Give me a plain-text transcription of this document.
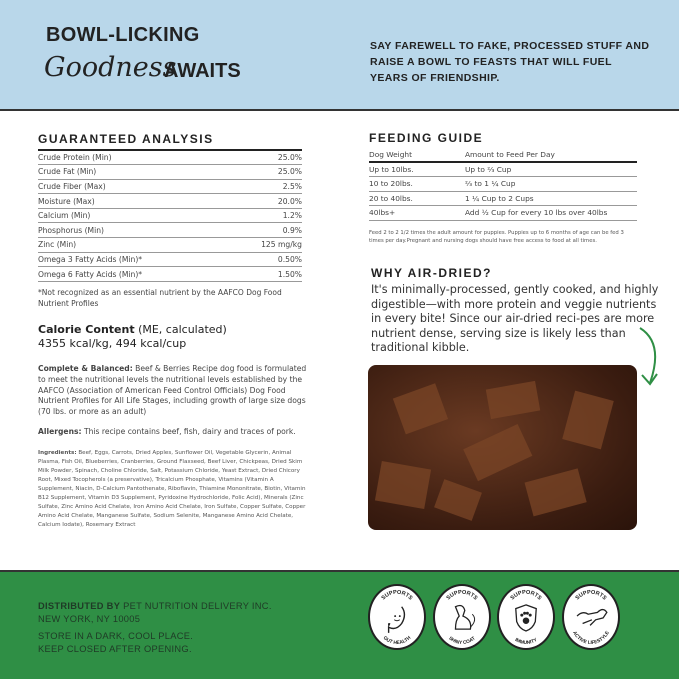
BOWL-LICKING
Goodness
AWAITS
SAY FAREWELL TO FAKE, PROCESSED STUFF AND RAISE A BOWL TO FEASTS THAT WILL FUEL YEARS OF FRIENDSHIP.
GUARANTEED ANALYSIS
Crude Protein (Min)	25.0%
Crude Fat (Min)	25.0%
Crude Fiber (Max)	2.5%
Moisture (Max)	20.0%
Calcium (Min)	1.2%
Phosphorus (Min)	0.9%
Zinc (Min)	125 mg/kg
Omega 3 Fatty Acids (Min)*	0.50%
Omega 6 Fatty Acids (Min)*	1.50%
*Not recognized as an essential nutrient by the AAFCO Dog Food Nutrient Profiles
Calorie Content (ME, calculated)
4355 kcal/kg, 494 kcal/cup
Complete & Balanced: Beef & Berries Recipe dog food is formulated to meet the nutritional levels the nutritional levels established by the AAFCO (Association of American Feed Control Officials) Dog Food Nutrient Profiles for All Life Stages, including growth of large size dogs (70 lbs. or more as an adult)
Allergens: This recipe contains beef, fish, dairy and traces of pork.
Ingredients: Beef, Eggs, Carrots, Dried Apples, Sunflower Oil, Vegetable Glycerin, Animal Plasma, Fish Oil, Blueberries, Cranberries, Ground Flaxseed, Beef Liver, Chickpeas, Dried Skim Milk Powder, Spinach, Choline Chloride, Salt, Potassium Chloride, Yeast Extract, Dried Chicory Root, Mixed Tocopherols (a preservative), Tricalcium Phosphate, Vitamins (Vitamin A Supplement, Niacin, D-Calcium Pantothenate, Riboflavin, Thiamine Mononitrate, Biotin, Vitamin B12 Supplement, Vitamin D3 Supplement, Pyridoxine Hydrochloride, Folic Acid), Minerals (Zinc Sulfate, Zinc Amino Acid Chelate, Iron Amino Acid Chelate, Iron Sulfate, Copper Sulfate, Copper Amino Acid Chelate, Manganese Sulfate, Sodium Selenite, Manganese Amino Acid Chelate, Calcium Iodate), Rosemary Extract
FEEDING GUIDE
Dog Weight	Amount to Feed Per Day
Up to 10lbs.	Up to ⅔ Cup
10 to 20lbs.	⅔ to 1 ¼ Cup
20 to 40lbs.	1 ¼ Cup to 2 Cups
40lbs+	Add ½ Cup for every 10 lbs over 40lbs
Feed 2 to 2 1/2 times the adult amount for puppies. Puppies up to 6 months of age can be fed 3 times per day.Pregnant and nursing dogs should have free access to food at all times.
WHY AIR-DRIED?
It's minimally-processed, gently cooked, and highly digestible—with more protein and veggie nutrients in every bite! Since our air-dried reci-pes are more nutrient dense, serving size is likely less than traditional kibble.
DISTRIBUTED BY PET NUTRITION DELIVERY INC.
NEW YORK, NY 10005
STORE IN A DARK, COOL PLACE.
KEEP CLOSED AFTER OPENING.
SUPPORTS
GUT HEALTH
SUPPORTS
SHINY COAT
SUPPORTS
IMMUNITY
SUPPORTS
ACTIVE LIFESTYLE
